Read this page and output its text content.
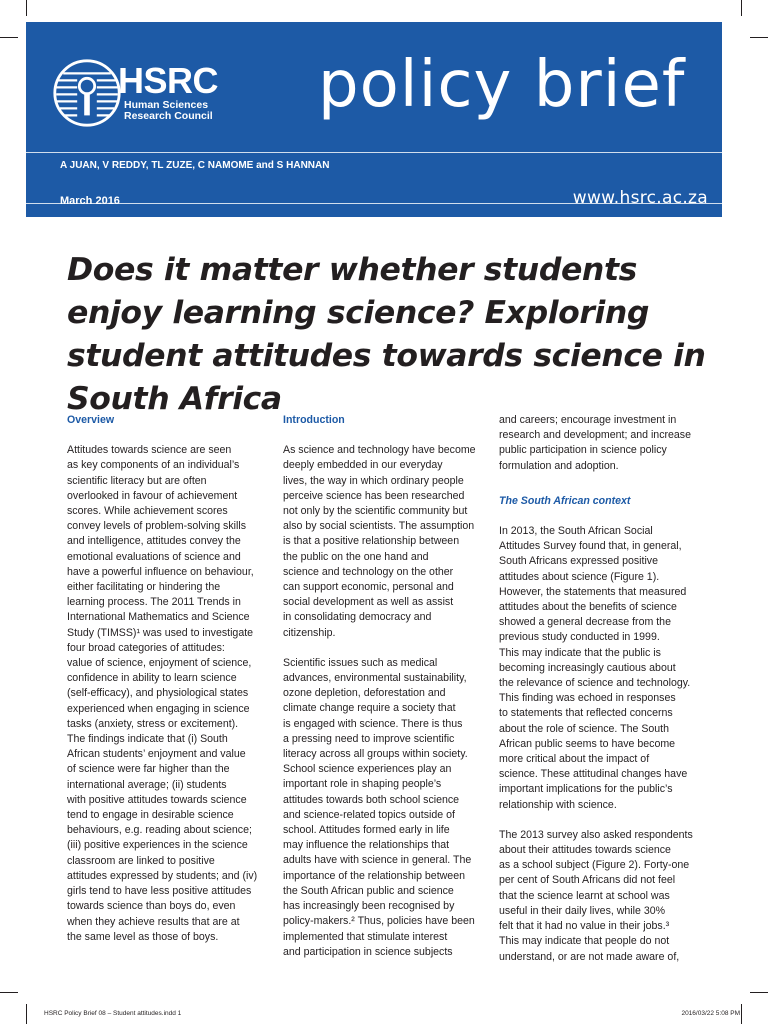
HSRC
Human Sciences
Research Council policy brief
A JUAN, V REDDY, TL ZUZE, C NAMOME and S HANNAN
March 2016	www.hsrc.ac.za
Does it matter whether students enjoy learning science? Exploring student attitudes towards science in South Africa
Overview
Attitudes towards science are seen
as key components of an individual’s
scientific literacy but are often
overlooked in favour of achievement
scores. While achievement scores
convey levels of problem-solving skills
and intelligence, attitudes convey the
emotional evaluations of science and
have a powerful influence on behaviour,
either facilitating or hindering the
learning process. The 2011 Trends in
International Mathematics and Science
Study (TIMSS)¹ was used to investigate
four broad categories of attitudes:
value of science, enjoyment of science,
confidence in ability to learn science
(self-efficacy), and physiological states
experienced when engaging in science
tasks (anxiety, stress or excitement).
The findings indicate that (i) South
African students’ enjoyment and value
of science were far higher than the
international average; (ii) students
with positive attitudes towards science
tend to engage in desirable science
behaviours, e.g. reading about science;
(iii) positive experiences in the science
classroom are linked to positive
attitudes expressed by students; and (iv)
girls tend to have less positive attitudes
towards science than boys do, even
when they achieve results that are at
the same level as those of boys.
Introduction
As science and technology have become
deeply embedded in our everyday
lives, the way in which ordinary people
perceive science has been researched
not only by the scientific community but
also by social scientists. The assumption
is that a positive relationship between
the public on the one hand and
science and technology on the other
can support economic, personal and
social development as well as assist
in consolidating democracy and
citizenship.
Scientific issues such as medical
advances, environmental sustainability,
ozone depletion, deforestation and
climate change require a society that
is engaged with science. There is thus
a pressing need to improve scientific
literacy across all groups within society.
School science experiences play an
important role in shaping people’s
attitudes towards both school science
and science-related topics outside of
school. Attitudes formed early in life
may influence the relationships that
adults have with science in general. The
importance of the relationship between
the South African public and science
has increasingly been recognised by
policy-makers.² Thus, policies have been
implemented that stimulate interest
and participation in science subjects
and careers; encourage investment in
research and development; and increase
public participation in science policy
formulation and adoption.
The South African context
In 2013, the South African Social
Attitudes Survey found that, in general,
South Africans expressed positive
attitudes about science (Figure 1).
However, the statements that measured
attitudes about the benefits of science
showed a general decrease from the
previous study conducted in 1999.
This may indicate that the public is
becoming increasingly cautious about
the relevance of science and technology.
This finding was echoed in responses
to statements that reflected concerns
about the role of science. The South
African public seems to have become
more critical about the impact of
science. These attitudinal changes have
important implications for the public’s
relationship with science.
The 2013 survey also asked respondents
about their attitudes towards science
as a school subject (Figure 2). Forty-one
per cent of South Africans did not feel
that the science learnt at school was
useful in their daily lives, while 30%
felt that it had no value in their jobs.³
This may indicate that people do not
understand, or are not made aware of,
HSRC Policy Brief 08 – Student attitudes.indd 1	2016/03/22 5:08 PM
